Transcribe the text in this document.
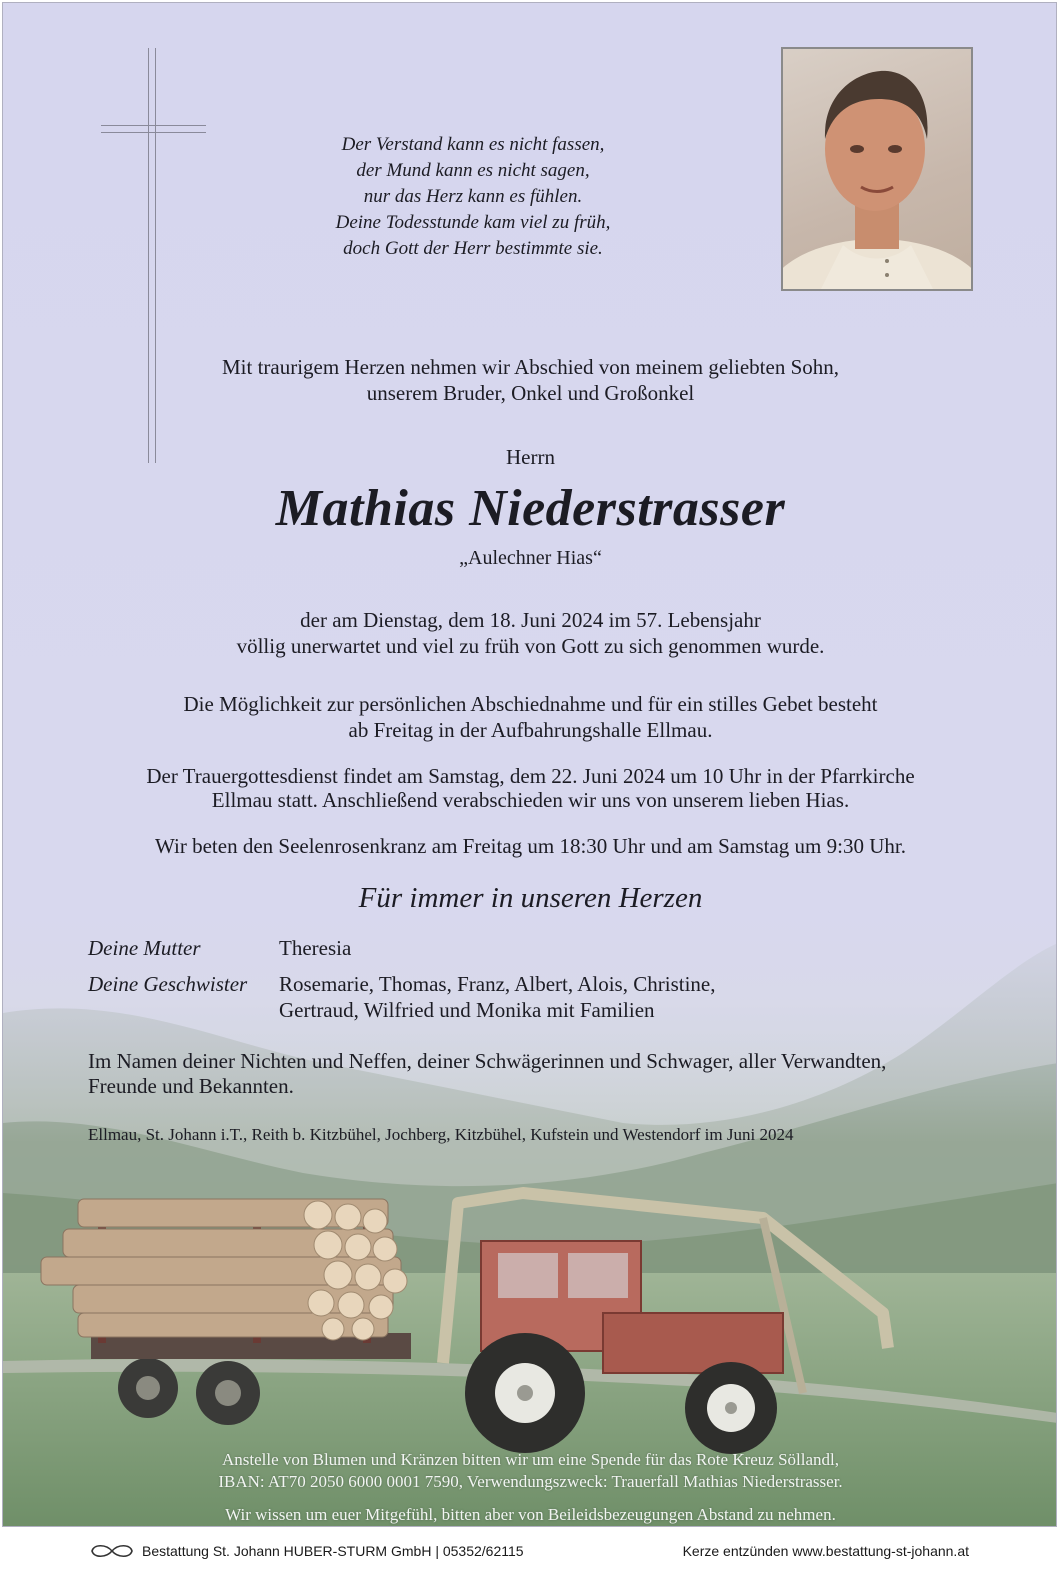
Der Verstand kann es nicht fassen,
der Mund kann es nicht sagen,
nur das Herz kann es fühlen.
Deine Todesstunde kam viel zu früh,
doch Gott der Herr bestimmte sie.
Mit traurigem Herzen nehmen wir Abschied von meinem geliebten Sohn,
unserem Bruder, Onkel und Großonkel
Herrn
Mathias Niederstrasser
„Aulechner Hias“
der am Dienstag, dem 18. Juni 2024 im 57. Lebensjahr
völlig unerwartet und viel zu früh von Gott zu sich genommen wurde.
Die Möglichkeit zur persönlichen Abschiednahme und für ein stilles Gebet besteht
ab Freitag in der Aufbahrungshalle Ellmau.
Der Trauergottesdienst findet am Samstag, dem 22. Juni 2024 um 10 Uhr in der Pfarrkirche
Ellmau statt. Anschließend verabschieden wir uns von unserem lieben Hias.
Wir beten den Seelenrosenkranz am Freitag um 18:30 Uhr und am Samstag um 9:30 Uhr.
Für immer in unseren Herzen
Deine Mutter	Theresia
Deine Geschwister Rosemarie, Thomas, Franz, Albert, Alois, Christine,
Gertraud, Wilfried und Monika mit Familien
Im Namen deiner Nichten und Neffen, deiner Schwägerinnen und Schwager, aller Verwandten,
Freunde und Bekannten.
Ellmau, St. Johann i.T., Reith b. Kitzbühel, Jochberg, Kitzbühel, Kufstein und Westendorf im Juni 2024
Anstelle von Blumen und Kränzen bitten wir um eine Spende für das Rote Kreuz Söllandl,
IBAN: AT70 2050 6000 0001 7590, Verwendungszweck: Trauerfall Mathias Niederstrasser.
Wir wissen um euer Mitgefühl, bitten aber von Beileidsbezeugungen Abstand zu nehmen.
Bestattung St. Johann HUBER-STURM GmbH | 05352/62115	Kerze entzünden www.bestattung-st-johann.at
